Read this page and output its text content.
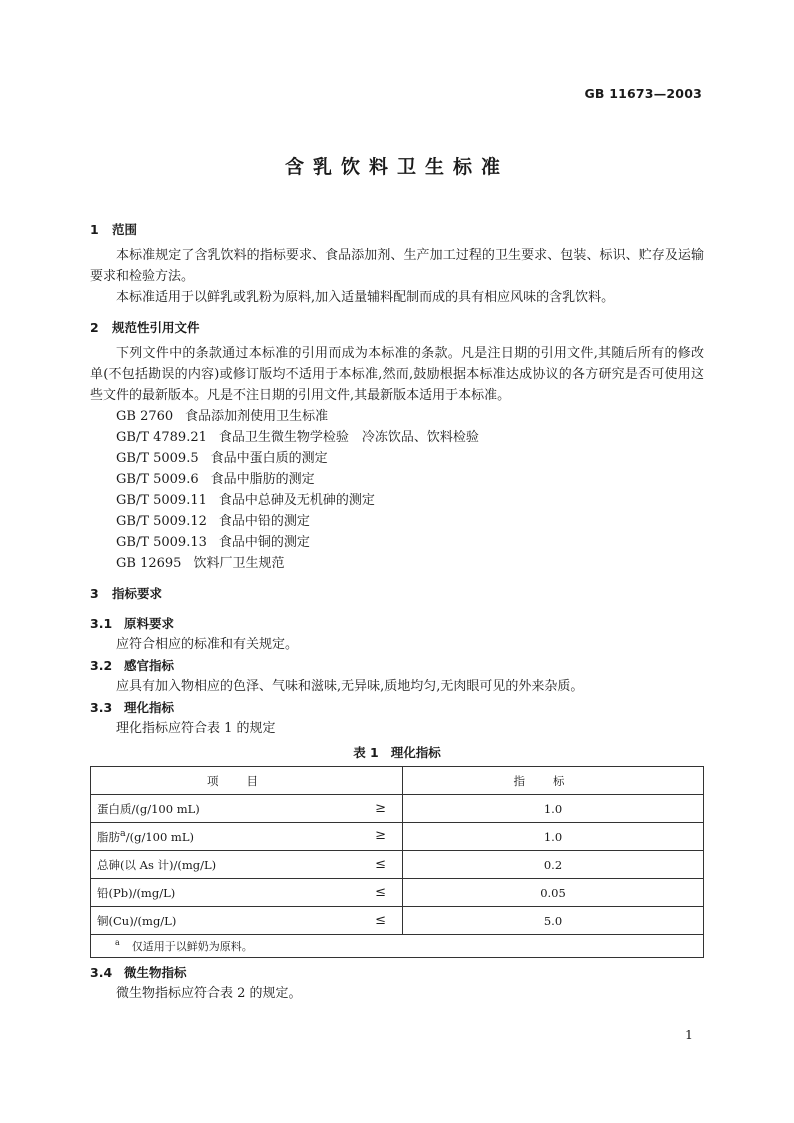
GB 11673—2003
含乳饮料卫生标准
1 范围
本标准规定了含乳饮料的指标要求、食品添加剂、生产加工过程的卫生要求、包装、标识、贮存及运输要求和检验方法。
本标准适用于以鲜乳或乳粉为原料,加入适量辅料配制而成的具有相应风味的含乳饮料。
2 规范性引用文件
下列文件中的条款通过本标准的引用而成为本标准的条款。凡是注日期的引用文件,其随后所有的修改单(不包括勘误的内容)或修订版均不适用于本标准,然而,鼓励根据本标准达成协议的各方研究是否可使用这些文件的最新版本。凡是不注日期的引用文件,其最新版本适用于本标准。
GB 2760 食品添加剂使用卫生标准
GB/T 4789.21 食品卫生微生物学检验　冷冻饮品、饮料检验
GB/T 5009.5 食品中蛋白质的测定
GB/T 5009.6 食品中脂肪的测定
GB/T 5009.11 食品中总砷及无机砷的测定
GB/T 5009.12 食品中铅的测定
GB/T 5009.13 食品中铜的测定
GB 12695 饮料厂卫生规范
3 指标要求
3.1 原料要求
应符合相应的标准和有关规定。
3.2 感官指标
应具有加入物相应的色泽、气味和滋味,无异味,质地均匀,无肉眼可见的外来杂质。
3.3 理化指标
理化指标应符合表 1 的规定
表 1 理化指标
项目	指标
蛋白质/(g/100 mL) ≥	1.0
脂肪$^a$/(g/100 mL) ≥	1.0
总砷(以 As 计)/(mg/L) ≤	0.2
铅(Pb)/(mg/L) ≤	0.05
铜(Cu)/(mg/L) ≤	5.0
$^a$ 仅适用于以鲜奶为原料。	
3.4 微生物指标
微生物指标应符合表 2 的规定。
1
